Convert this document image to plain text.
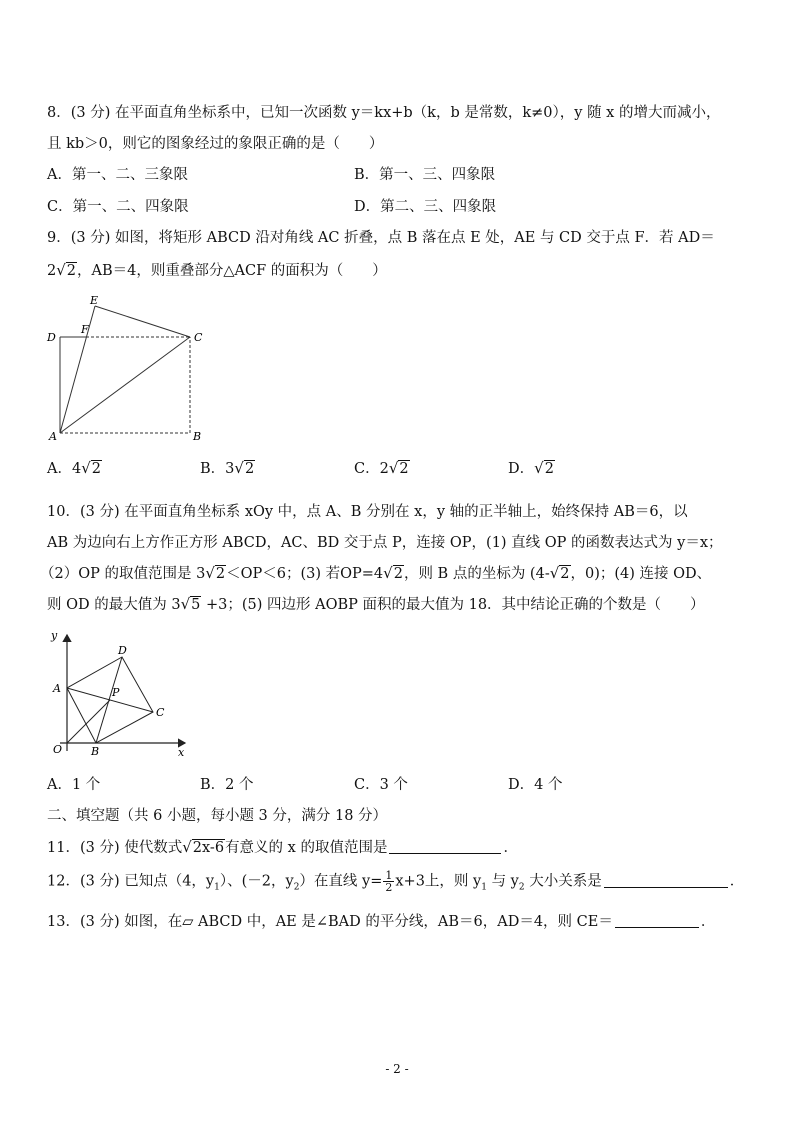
8．(3 分) 在平面直角坐标系中，已知一次函数 y＝kx+b（k，b 是常数，k≠0），y 随 x 的增大而减小，
且 kb＞0，则它的图象经过的象限正确的是（　　）
A．第一、二、三象限	B．第一、三、四象限
C．第一、二、四象限	D．第二、三、四象限
9．(3 分) 如图，将矩形 ABCD 沿对角线 AC 折叠，点 B 落在点 E 处，AE 与 CD 交于点 F．若 AD＝
2 √ 2 ，AB＝4，则重叠部分△ACF 的面积为（　　）
E
F
D	C
A	B
A．4 √ 2	B．3 √ 2	C．2 √ 2	D． √ 2
10．(3 分) 在平面直角坐标系 xOy 中，点 A、B 分别在 x，y 轴的正半轴上，始终保持 AB＝6，以
AB 为边向右上方作正方形 ABCD，AC、BD 交于点 P，连接 OP，(1) 直线 OP 的函数表达式为 y＝x；
（2）OP 的取值范围是 3 √ 2 ＜OP＜6；(3) 若OP=4 √ 2 ，则 B 点的坐标为 (4- √ 2 ，0)；(4) 连接 OD、
则 OD 的最大值为 3 √ 5 +3；(5) 四边形 AOBP 面积的最大值为 18．其中结论正确的个数是（　　）
y
D
A	P
C
O	B	x
A．1 个	B．2 个	C．3 个	D．4 个
二、填空题（共 6 小题，每小题 3 分，满分 18 分）
11．(3 分) 使代数式 √ 2x-6 有意义的 x 的取值范围是	．
12．(3 分) 已知点（4，$y_1$）、(－2，$y_2$）在直线 $y= \frac{1}{2} x+3$上，则 $y_1$ 与 $y_2$ 大小关系是	．
13．(3 分) 如图，在▱ ABCD 中，AE 是∠BAD 的平分线，AB＝6，AD＝4，则 CE＝	．
- 2 -
